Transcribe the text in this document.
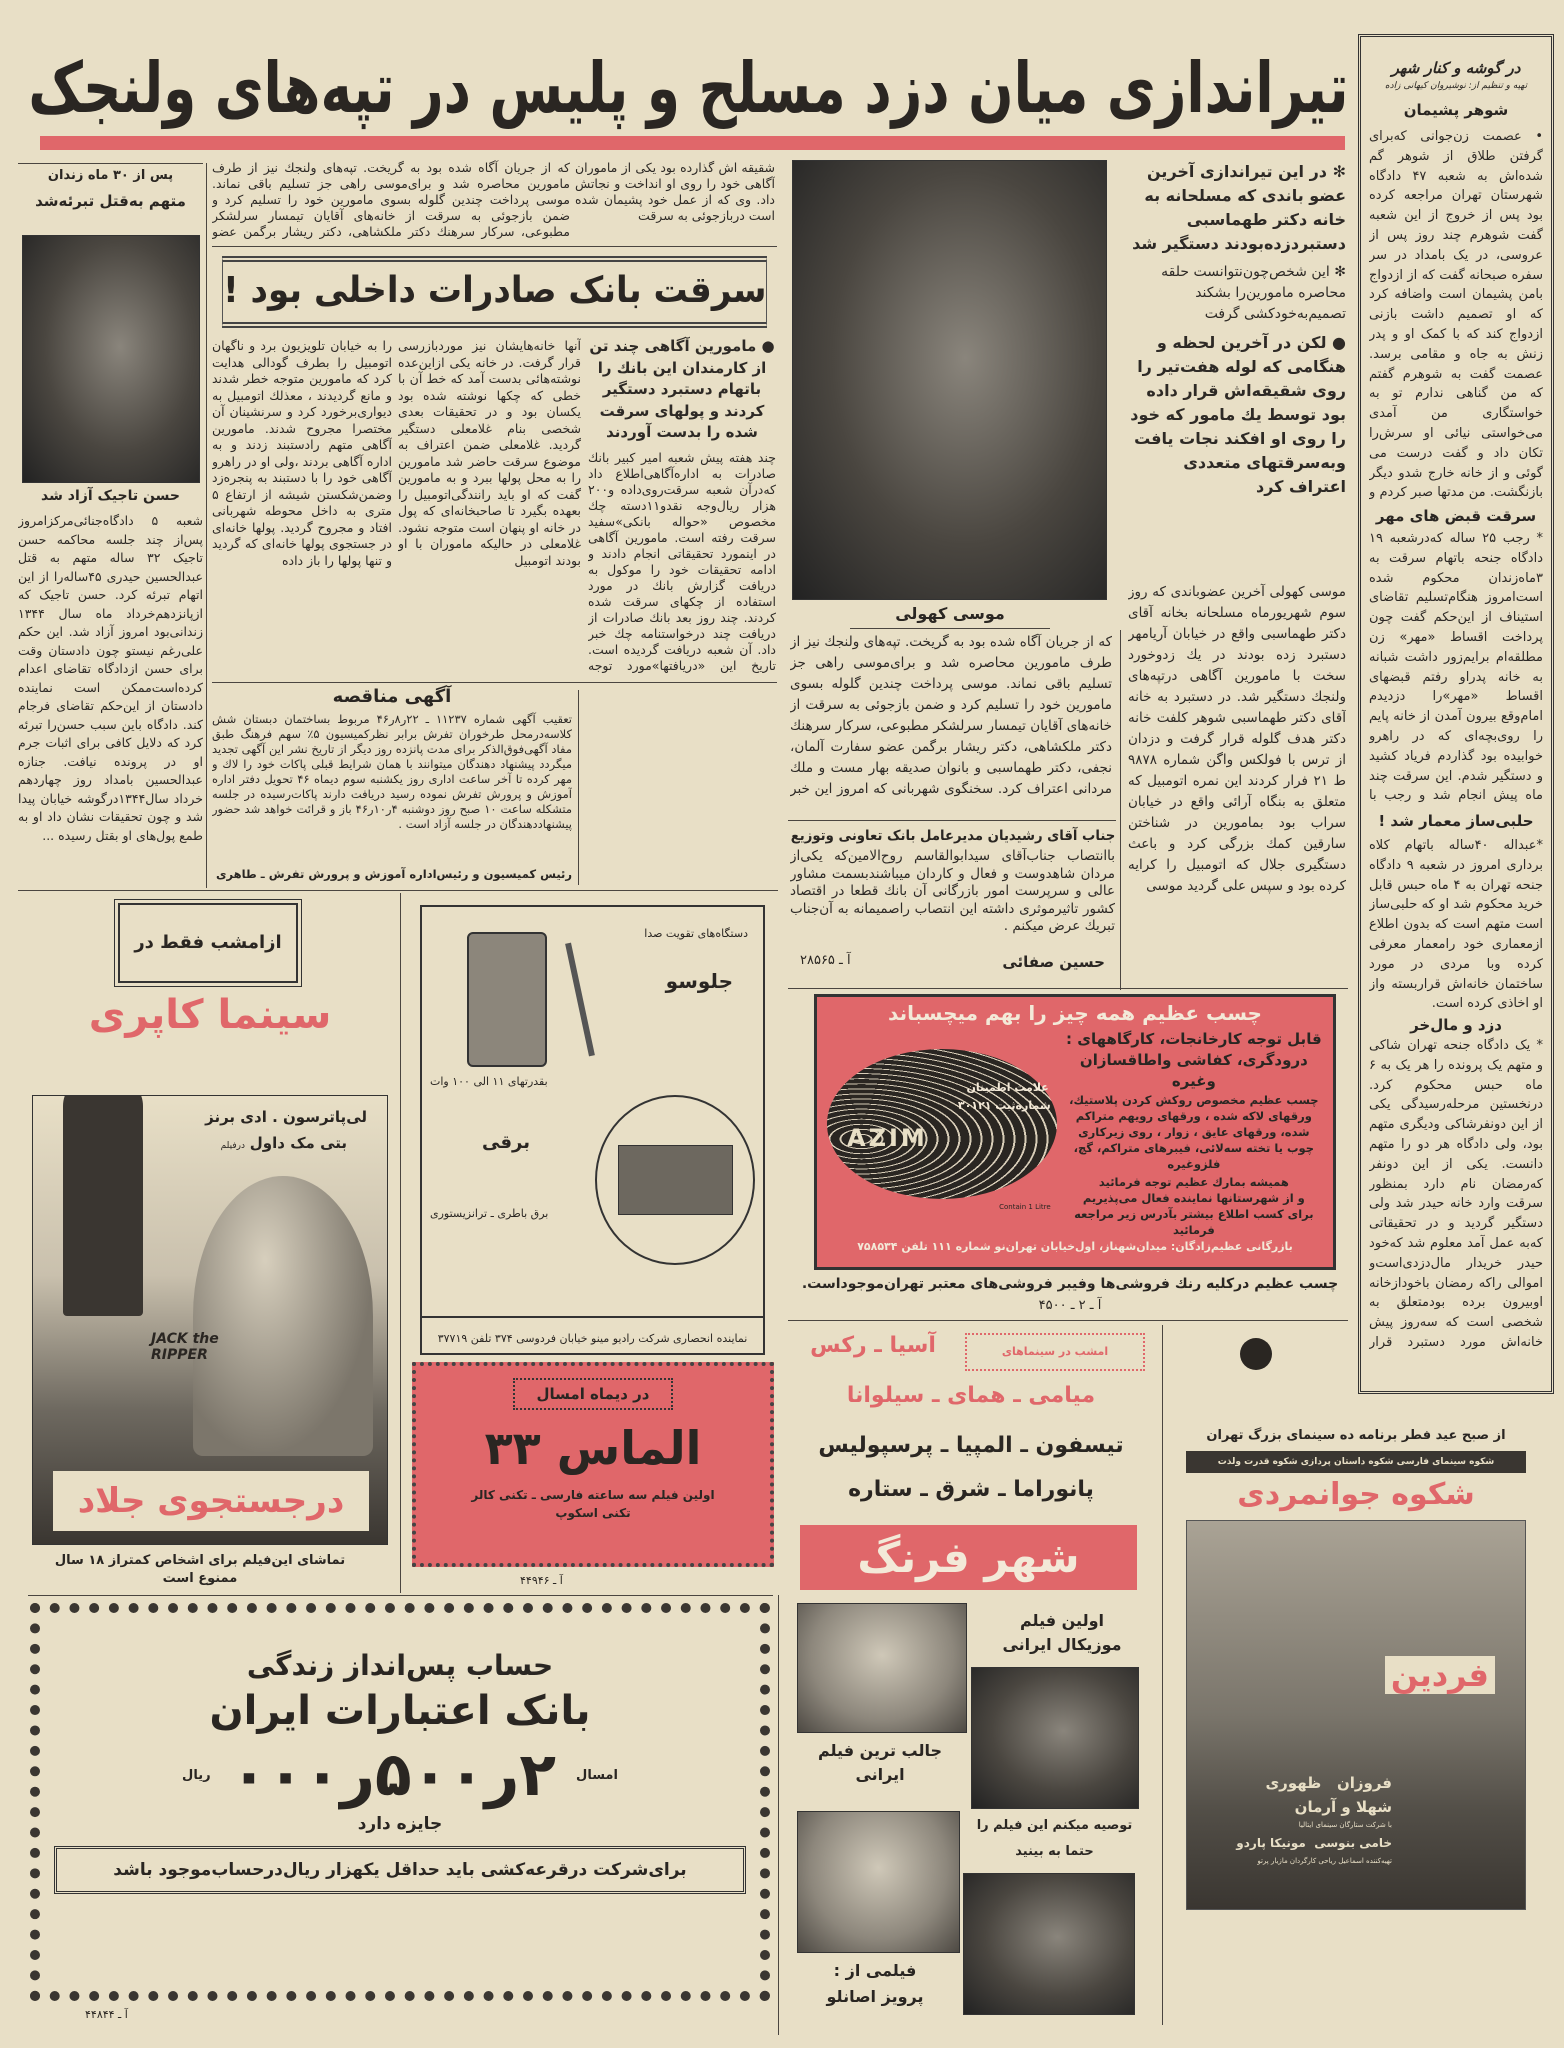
تیراندازی میان دزد مسلح و پلیس در تپه‌های ولنجک	در گوشه و کنار شهر
تهیه و تنظیم از: نوشیروان کیهانی زاده
شوهر پشیمان
• عصمت زن‌جوانی که‌برای گرفتن طلاق از شوهر گم شده‌اش به شعبه ۴۷ دادگاه شهرستان تهران مراجعه کرده بود پس از خروج از این شعبه گفت شوهرم چند روز پس از عروسی، در یک بامداد در سر سفره صبحانه گفت که از ازدواج بامن پشیمان است واضافه کرد که او تصمیم داشت بازنی ازدواج کند که با کمک او و پدر زنش به جاه و مقامی برسد. عصمت گفت به شوهرم گفتم که من گناهی ندارم تو به خواستگاری من آمدی می‌خواستی نیائی او سرش‌را تکان داد و گفت درست می گوئی و از خانه خارج شدو دیگر بازنگشت. من مدتها صبر کردم و
سرقت قبض های مهر
* رجب ۲۵ ساله که‌درشعبه ۱۹ دادگاه جنحه باتهام سرقت به ۳ماه‌زندان محکوم شده است‌امروز هنگام‌تسلیم تقاضای استیناف از این‌حکم گفت چون پرداخت اقساط «مهر» زن مطلقه‌ام برایم‌زور داشت شبانه به خانه پدراو رفتم قبضهای اقساط «مهر»را دزدیدم امام‌وقع بیرون آمدن از خانه پایم را روی‌بچه‌ای که در راهرو خوابیده بود گذاردم فریاد کشید و دستگیر شدم. این سرقت چند ماه پیش انجام شد و رجب با
حلبی‌ساز معمار شد !
*عبداله ۴۰ساله باتهام کلاه برداری امروز در شعبه ۹ دادگاه جنحه تهران به ۴ ماه حبس قابل خرید محکوم شد او که حلبی‌ساز است متهم است که بدون اطلاع ازمعماری خود رامعمار معرفی کرده وبا مردی در مورد ساختمان خانه‌اش قراربسته واز او اخاذی کرده است.
دزد و مال‌خر
* یک دادگاه جنحه تهران شاکی و متهم یک پرونده را هر یک به ۶ ماه حبس محکوم کرد. درنخستین مرحله‌رسیدگی یکی از این دونفرشاکی ودیگری متهم بود، ولی دادگاه هر دو را متهم دانست. یکی از این دونفر که‌رمضان نام دارد بمنظور سرقت وارد خانه حیدر شد ولی دستگیر گردید و در تحقیقاتی که‌به عمل آمد معلوم شد که‌خود حیدر خریدار مال‌دزدی‌است‌و اموالی راکه رمضان باخودازخانه اوبیرون برده بودمتعلق به شخصی است که سه‌روز پیش خانه‌اش مورد دستبرد قرار
✻ در این تیراندازی آخرین عضو باندی که مسلحانه به خانه دکتر طهماسبی دستبردزده‌بودند دستگیر شد
✻ این شخص‌چون‌نتوانست حلقه محاصره مامورین‌را بشکند تصمیم‌به‌خودکشی گرفت
● لکن در آخرین لحظه و هنگامی که لوله هفت‌تیر را روی شقیقه‌اش قرار داده بود توسط یك مامور که خود را روی او افکند نجات یافت وبه‌سرقتهای متعددی اعتراف کرد
موسی کهولی
موسی کهولی آخرین عضوباندی که روز سوم شهریورماه مسلحانه بخانه آقای دکتر طهماسبی واقع در خیابان آریامهر دستبرد زده بودند در یك زدوخورد سخت با مامورین آگاهی درتپه‌های ولنجك دستگیر شد. در دستبرد به خانه آقای دکتر طهماسبی شوهر کلفت خانه دکتر هدف گلوله قرار گرفت و دزدان از ترس با فولکس واگن شماره ۹۸۷۸ ط ۲۱ فرار کردند این نمره اتومبیل که متعلق به بنگاه آرائی واقع در خیابان سراب بود بمامورین در شناختن سارقین کمك بزرگی کرد و باعث دستگیری جلال که اتومبیل را کرایه کرده بود و سپس علی گردید موسی
که از جریان آگاه شده بود به گریخت. تپه‌های ولنجك نیز از طرف مامورین محاصره شد و برای‌موسی راهی جز تسلیم باقی نماند. موسی پرداخت چندین گلوله بسوی مامورین خود را تسلیم کرد و ضمن بازجوئی به سرقت از خانه‌های آقایان تیمسار سرلشکر مطبوعی، سرکار سرهنك دکتر ملکشاهی، دکتر ریشار برگمن عضو سفارت آلمان، نجفی، دکتر طهماسبی و بانوان صدیقه بهار مست و ملك مردانی اعتراف کرد. سخنگوی شهربانی که امروز این خبر
جناب آقای رشیدیان مدیرعامل بانک تعاونی وتوزیع
باانتصاب جناب‌آقای سیدابوالقاسم روح‌الامین‌که یکی‌از مردان شاهدوست و فعال و کاردان میباشندبسمت مشاور عالی و سرپرست امور بازرگانی آن بانك قطعا در اقتصاد کشور تاثیرموثری داشته این انتصاب راصمیمانه به آن‌جناب تبریك عرض میکنم .
حسین صفائی
آ ـ ۲۸۵۶۵
چسب عظیم همه چیز را بهم میچسباند
قابل توجه کارخانجات، کارگاههای : درودگری، کفاشی واطاقسازان وغیره
چسب عظیم مخصوص روکش کردن پلاستیك، ورقهای لاکه شده ، ورقهای رویهم متراکم شده، ورقهای عایق ، زوار ، روی زیرکاری چوب یا تخته سه‌لائی، فیبرهای متراکم، گچ، فلزوغیره
همیشه بمارك عظیم توجه فرمائید
و از شهرستانها نماینده فعال می‌پذیریم
برای کسب اطلاع بیشتر بآدرس زیر مراجعه فرمائید
AZIM
علامت اطمینان
شماره‌ثبت ۳۰۱۲۱
Contain 1 Litre
بازرگانی عظیم‌زادگان: میدان‌شهناز، اول‌خیابان تهران‌نو شماره ۱۱۱ تلفن ۷۵۸۵۳۴
چسب عظیم درکلیه رنك فروشی‌ها وفیبر فروشی‌های معتبر تهران‌موجوداست.
آ ـ ۲ ـ ۴۵۰۰
پس از ۳۰ ماه زندان
متهم به‌قتل تبرئه‌شد
حسن تاجیک آزاد شد
شعبه ۵ دادگاه‌جنائی‌مرکزامروز پس‌از چند جلسه محاکمه حسن تاجیک ۳۲ ساله متهم به قتل عبدالحسین حیدری ۴۵ساله‌را از این اتهام تبرئه کرد. حسن تاجیک که ازپانزدهم‌خرداد ماه سال ۱۳۴۴ زندانی‌بود امروز آزاد شد. این حکم علی‌رغم نیستو چون دادستان وقت برای حسن ازدادگاه تقاضای اعدام کرده‌است‌ممکن است نماینده دادستان از این‌حکم تقاضای فرجام کند. دادگاه باین سبب حسن‌را تبرئه کرد که دلایل کافی برای اثبات جرم او در پرونده نیافت. جنازه عبدالحسین بامداد روز چهاردهم خرداد سال۱۳۴۴درگوشه خیابان پیدا شد و چون تحقیقات نشان داد او به طمع پول‌های او بقتل رسیده ...
که از جریان آگاه شده بود به گریخت. تپه‌های ولنجك نیز از طرف مامورین محاصره شد و برای‌موسی راهی جز تسلیم باقی نماند. موسی پرداخت چندین گلوله بسوی مامورین خود را تسلیم کرد و ضمن بازجوئی به سرقت از خانه‌های آقایان تیمسار سرلشکر مطبوعی، سرکار سرهنك دکتر ملکشاهی، دکتر ریشار برگمن عضو
شقیقه اش گذارده بود یکی از ماموران آگاهی خود را روی او انداخت و نجاتش داد. وی که از عمل خود پشیمان شده است دربازجوئی به سرقت
سرقت بانک صادرات داخلی بود !
● مامورین آگاهی چند تن از کارمندان این بانك را باتهام دستبرد دستگیر کردند و پولهای سرقت شده را بدست آوردند
چند هفته پیش شعبه امیر کبیر بانك صادرات به اداره‌آگاهی‌اطلاع داد که‌درآن شعبه سرقت‌روی‌داده و۲۰۰ هزار ریال‌وجه نقدو۱۱دسته چك مخصوص «حواله بانکی»سفید سرقت رفته است. مامورین آگاهی در اینمورد تحقیقاتی انجام دادند و ادامه تحقیقات خود را موکول به دریافت گزارش بانك در مورد استفاده از چکهای سرقت شده کردند. چند روز بعد بانك صادرات از دریافت چند درخواستنامه چك خبر داد. آن شعبه دریافت گردیده است. تاریخ این «دریافتها»مورد توجه
آنها خانه‌هایشان نیز موردبازرسی قرار گرفت. در خانه یکی ازاین‌عده نوشته‌هائی بدست آمد که خط آن با خطی که چکها نوشته شده بود یکسان بود و در تحقیقات بعدی شخصی بنام غلامعلی دستگیر گردید. غلامعلی ضمن اعتراف به موضوع سرقت حاضر شد مامورین را به محل پولها ببرد و به مامورین گفت که او باید رانندگی‌اتومبیل را بعهده بگیرد تا صاحبخانه‌ای که پول در خانه او پنهان است متوجه نشود. غلامعلی در حالیکه ماموران با او بودند اتومبیل
را به خیابان تلویزیون برد و ناگهان اتومبیل را بطرف گودالی هدایت کرد که مامورین متوجه خطر شدند و مانع گردیدند ، معذلك اتومبیل به دیواری‌برخورد کرد و سرنشینان آن مختصرا مجروح شدند. مامورین آگاهی متهم رادستبند زدند و به اداره آگاهی بردند ،ولی او در راهرو آگاهی خود را با دستبند به پنجره‌زد وضمن‌شکستن شیشه از ارتفاع ۵ متری به داخل محوطه شهربانی افتاد و مجروح گردید. پولها خانه‌ای در جستجوی پولها خانه‌ای که گردید و تنها پولها را باز داده
آگهی مناقصه
تعقیب آگهی شماره ۱۱۲۳۷ ـ ۲۲ر۸ر۴۶ مربوط بساختمان دبستان شش کلاسه‌درمحل طرخوران تفرش برابر نظرکمیسیون ۵٪ سهم فرهنگ طبق مفاد آگهی‌فوق‌الذکر برای مدت پانزده روز دیگر از تاریخ نشر این آگهی تجدید میگردد پیشنهاد دهندگان میتوانند با همان شرایط قبلی پاکات خود را لاك و مهر کرده تا آخر ساعت اداری روز یکشنبه سوم دیماه ۴۶ تحویل دفتر اداره آموزش و پرورش تفرش نموده رسید دریافت دارند پاکات‌رسیده در جلسه متشکله ساعت ۱۰ صبح روز دوشنبه ۴ر۱۰ر۴۶ باز و قرائت خواهد شد حضور پیشنهاددهندگان در جلسه آزاد است .
رئیس کمیسیون و رئیس‌اداره آموزش و پرورش تفرش ـ طاهری
ازامشب فقط در
سینما کاپری
لی‌پاترسون . ادی برنز
بتی مک داول درفیلم
JACK the
RIPPER
درجستجوی جلاد
تماشای این‌فیلم برای اشخاص کمتراز ۱۸ سال ممنوع است
دستگاه‌های تقویت صدا
جلوسو
بقدرتهای ۱۱ الی ۱۰۰ وات
برقی
برق باطری ـ ترانزیستوری
نماینده انحصاری شرکت رادیو مینو خیابان فردوسی ۳۷۴ تلفن ۳۷۷۱۹
در دیماه امسال
الماس ۳۳
اولین فیلم سه ساعته فارسی ـ تکنی کالر
تکنی اسکوپ
آ ـ ۴۴۹۴۶
حساب پس‌انداز زندگی
بانک اعتبارات ایران
امسال
۲ر۵۰۰ر۰۰۰
ریال
جایزه دارد
برای‌شرکت درقرعه‌کشی باید حداقل یکهزار ریال‌درحساب‌موجود باشد
آ ـ ۴۴۸۴۴
امشب در سینماهای
آسیا ـ رکس
میامی ـ همای ـ سیلوانا
تیسفون ـ المپیا ـ پرسپولیس
پانوراما ـ شرق ـ ستاره
شهر فرنگ
اولین فیلم موزیکال ایرانی
جالب ترین فیلم ایرانی
توصیه میکنم این فیلم را حتما به بینید
فیلمی از :
پرویز اصانلو
از صبح عید فطر برنامه ده سینمای بزرگ تهران
شکوه سینمای فارسی شکوه داستان پردازی شکوه قدرت ولذت
شکوه جوانمردی
فردین
فروزان   ظهوری
شهلا و آرمان
با شرکت ستارگان سینمای ایتالیا
خامی بنوسی  مونیکا پاردو
تهیه‌کننده اسماعیل ریاحی کارگردان مازیار پرتو
